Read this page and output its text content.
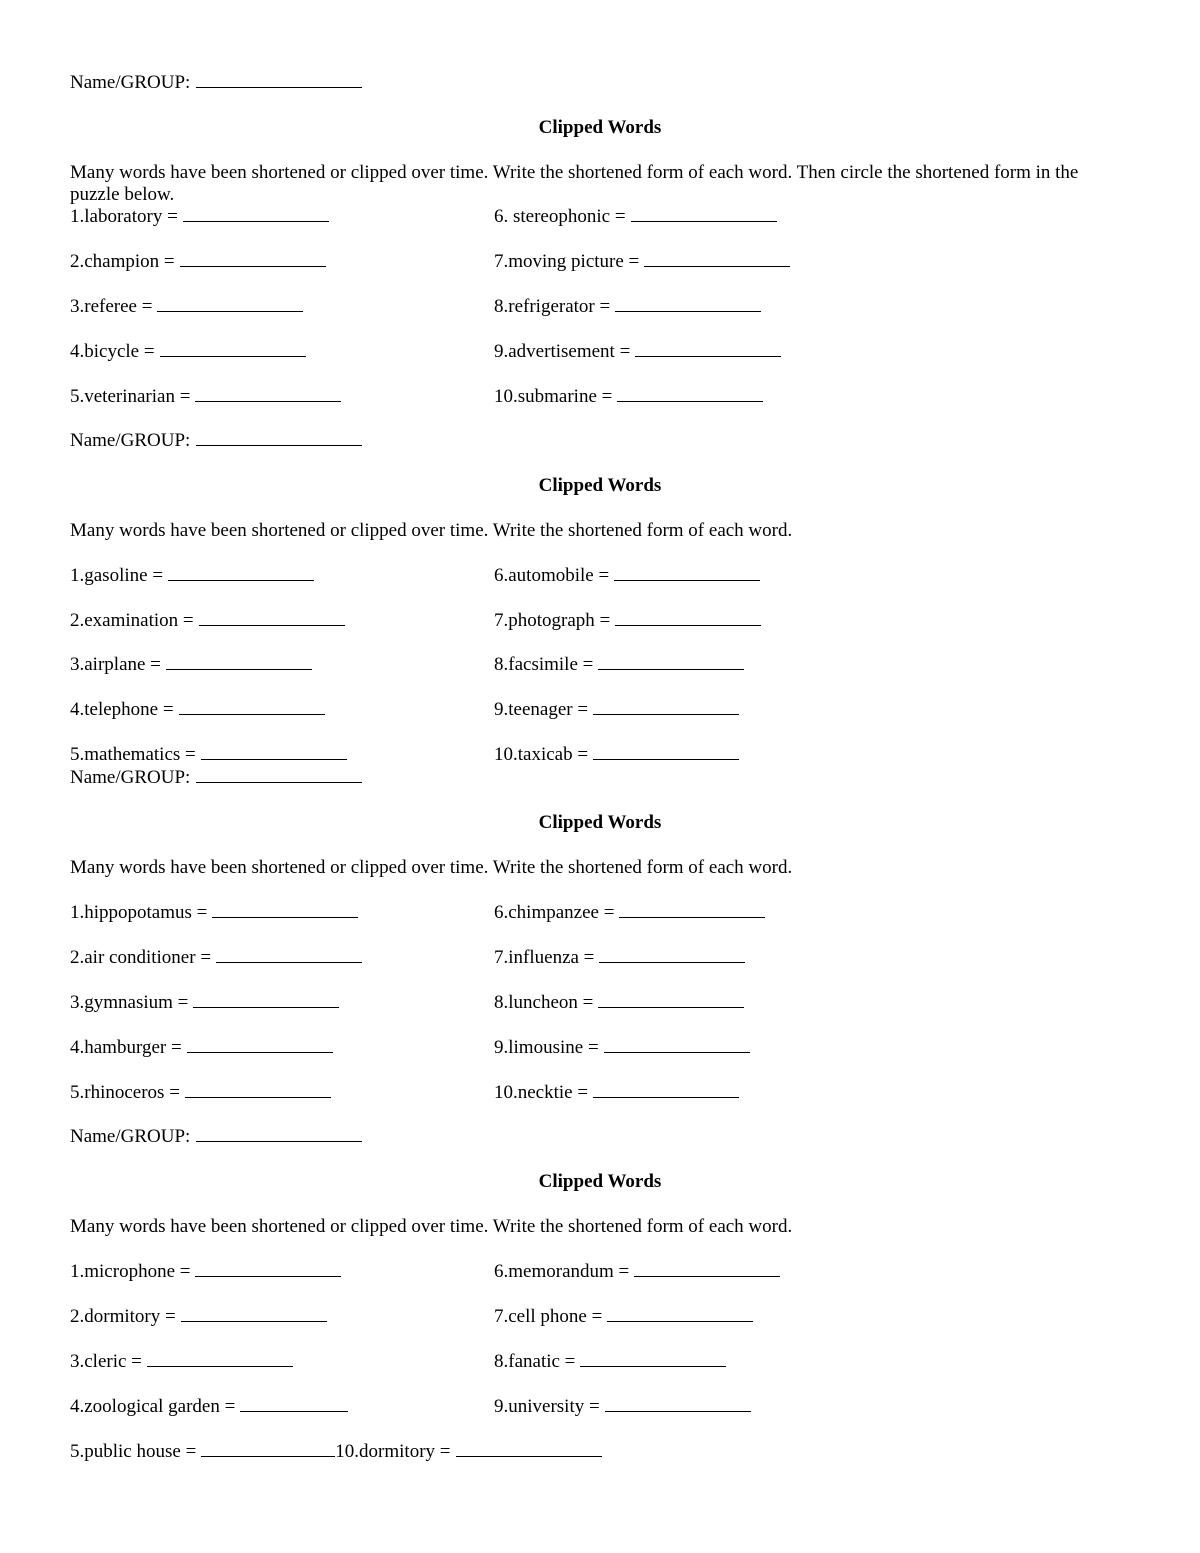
Name/GROUP:
Clipped Words
Many words have been shortened or clipped over time. Write the shortened form of each word. Then circle the shortened form in the puzzle below.
1.laboratory =
2.champion =
3.referee =
4.bicycle =
5.veterinarian =
6. stereophonic =
7.moving picture =
8.refrigerator =
9.advertisement =
10.submarine =
Name/GROUP:
Clipped Words
Many words have been shortened or clipped over time. Write the shortened form of each word.
1.gasoline =
2.examination =
3.airplane =
4.telephone =
5.mathematics =
6.automobile =
7.photograph =
8.facsimile =
9.teenager =
10.taxicab =
Name/GROUP:
Clipped Words
Many words have been shortened or clipped over time. Write the shortened form of each word.
1.hippopotamus =
2.air conditioner =
3.gymnasium =
4.hamburger =
5.rhinoceros =
6.chimpanzee =
7.influenza =
8.luncheon =
9.limousine =
10.necktie =
Name/GROUP:
Clipped Words
Many words have been shortened or clipped over time. Write the shortened form of each word.
1.microphone =
2.dormitory =
3.cleric =
4.zoological garden =
5.public house =	10.dormitory =
6.memorandum =
7.cell phone =
8.fanatic =
9.university =
